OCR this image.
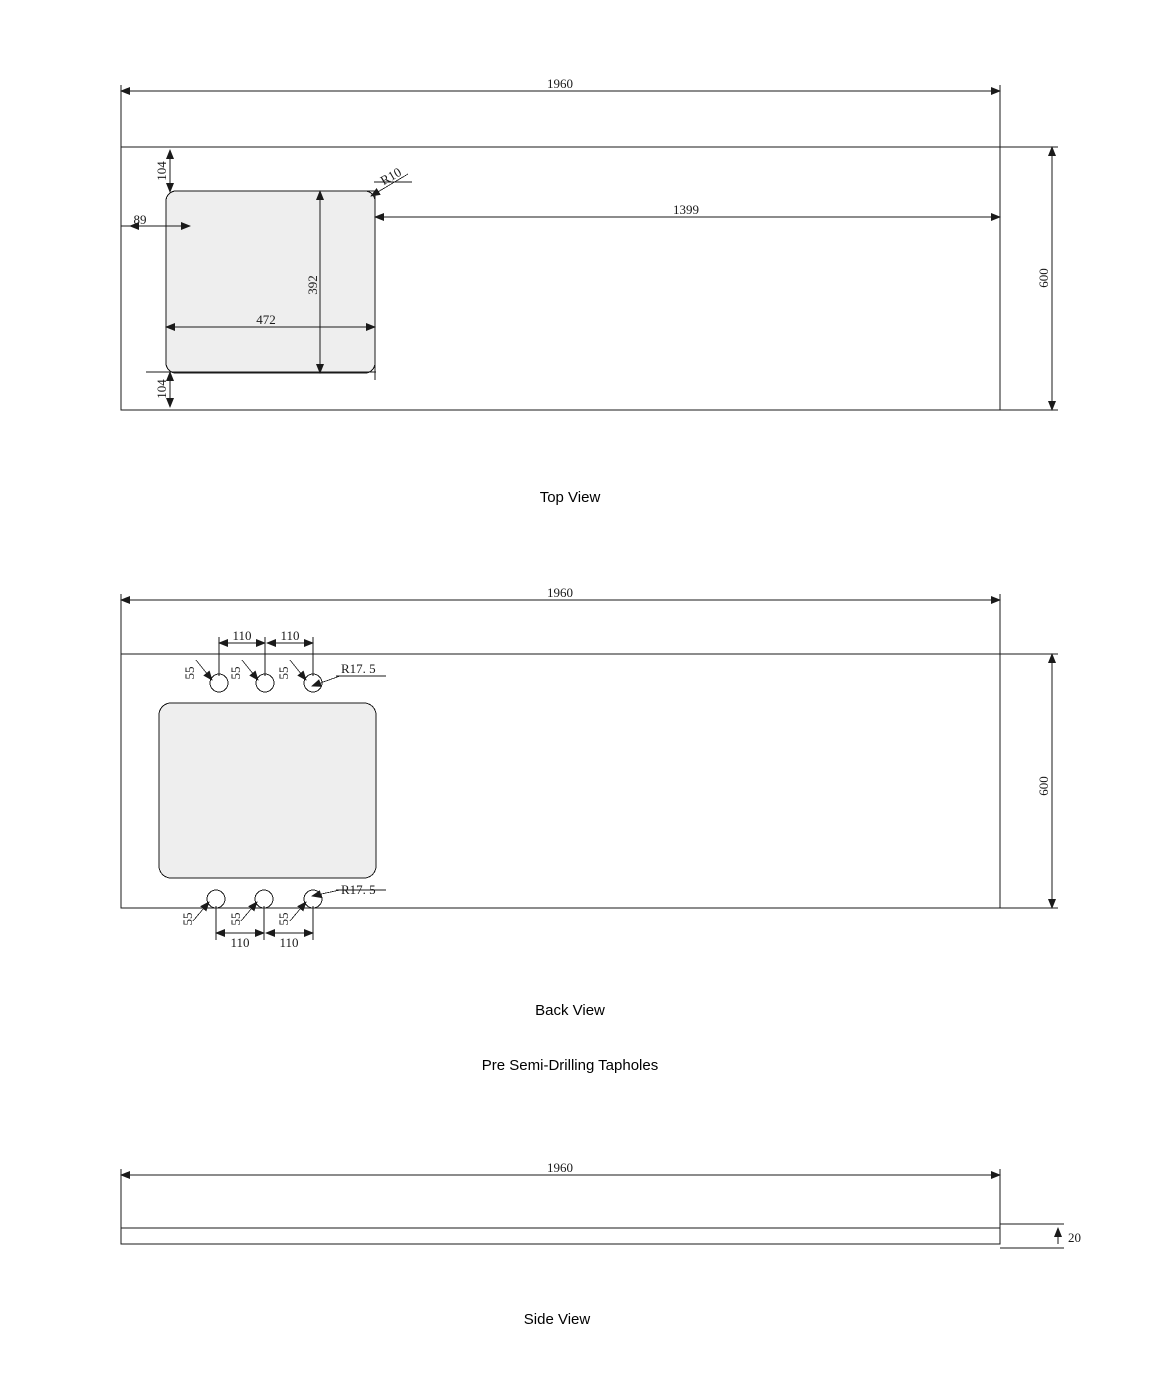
1960
600
1399
89
104
104
472
392
R10
1960
600
110 110
55 55	55	R17. 5
110 110
55	55	55
R17. 5
1960
20

Top View

Back View

Pre Semi-Drilling Tapholes

Side View
